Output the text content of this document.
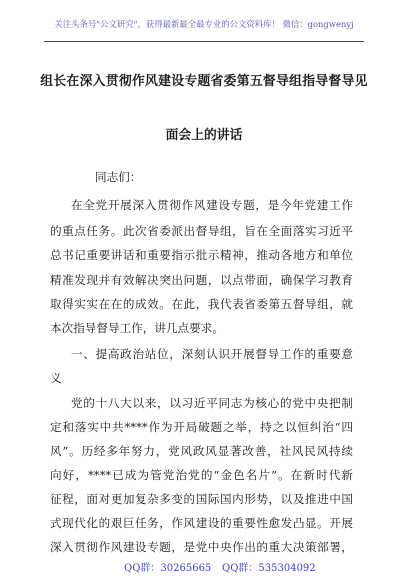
关注头条号"公文研究"，获得最新最全最专业的公文资料库！ 微信：gongwenyj
组长在深入贯彻作风建设专题省委第五督导组指导督导见
面会上的讲话
同志们：
在全党开展深入贯彻作风建设专题，是今年党建工作
的重点任务。此次省委派出督导组，旨在全面落实习近平
总书记重要讲话和重要指示批示精神，推动各地方和单位
精准发现并有效解决突出问题，以点带面，确保学习教育
取得实实在在的成效。在此，我代表省委第五督导组，就
本次指导督导工作，讲几点要求。
一、提高政治站位，深刻认识开展督导工作的重要意
义
党的十八大以来，以习近平同志为核心的党中央把制
定和落实中共****作为开局破题之举，持之以恒纠治“四
风”。历经多年努力，党风政风显著改善，社风民风持续
向好，****已成为管党治党的“金色名片”。在新时代新
征程，面对更加复杂多变的国际国内形势，以及推进中国
式现代化的艰巨任务，作风建设的重要性愈发凸显。开展
深入贯彻作风建设专题，是党中央作出的重大决策部署，
QQ群：30265665 QQ群：535304092
